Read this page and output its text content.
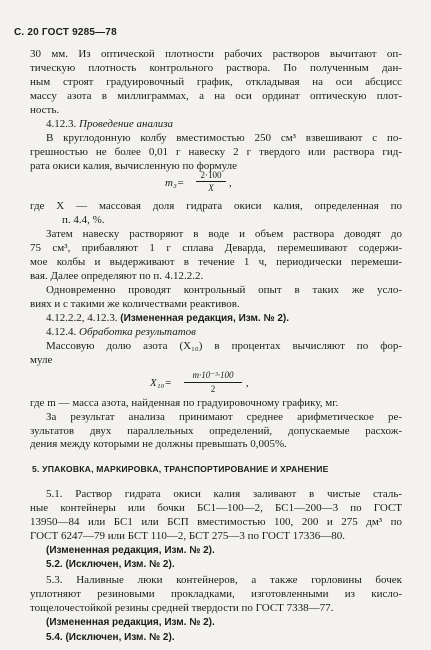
С. 20 ГОСТ 9285—78
30 мм. Из оптической плотности рабочих растворов вычитают оп-
тическую плотность контрольного раствора. По полученным дан-
ным строят градуировочный график, откладывая на оси абсцисс
массу азота в миллиграммах, а на оси ординат оптическую плот-
ность.
4.12.3. Проведение анализа
В круглодонную колбу вместимостью 250 см³ взвешивают с по-
грешностью не более 0,01 г навеску 2 г твердого или раствора гид-
рата окиси калия, вычисленную по формуле
m₃=
2·100
X	,
где X — массовая доля гидрата окиси калия, определенная по
п. 4.4, %.
Затем навеску растворяют в воде и объем раствора доводят до
75 см³, прибавляют 1 г сплава Деварда, перемешивают содержи-
мое колбы и выдерживают в течение 1 ч, периодически перемеши-
вая. Далее определяют по п. 4.12.2.2.
Одновременно проводят контрольный опыт в таких же усло-
виях и с такими же количествами реактивов.
4.12.2.2, 4.12.3. (Измененная редакция, Изм. № 2).
4.12.4. Обработка результатов
Массовую долю азота (X₁₀) в процентах вычисляют по фор-
муле
X₁₀=
m·10⁻³·100
2	,
где m — масса азота, найденная по градуировочному графику, мг.
За результат анализа принимают среднее арифметическое ре-
зультатов двух параллельных определений, допускаемые расхож-
дения между которыми не должны превышать 0,005%.
5. УПАКОВКА, МАРКИРОВКА, ТРАНСПОРТИРОВАНИЕ И ХРАНЕНИЕ
5.1. Раствор гидрата окиси калия заливают в чистые сталь-
ные контейнеры или бочки БС1—100—2, БС1—200—3 по ГОСТ
13950—84 или БС1 или БСП вместимостью 100, 200 и 275 дм³ по
ГОСТ 6247—79 или БСТ 110—2, БСТ 275—3 по ГОСТ 17336—80.
(Измененная редакция, Изм. № 2).
5.2. (Исключен, Изм. № 2).
5.3. Наливные люки контейнеров, а также горловины бочек
уплотняют резиновыми прокладками, изготовленными из кисло-
тощелочестойкой резины средней твердости по ГОСТ 7338—77.
(Измененная редакция, Изм. № 2).
5.4. (Исключен, Изм. № 2).
